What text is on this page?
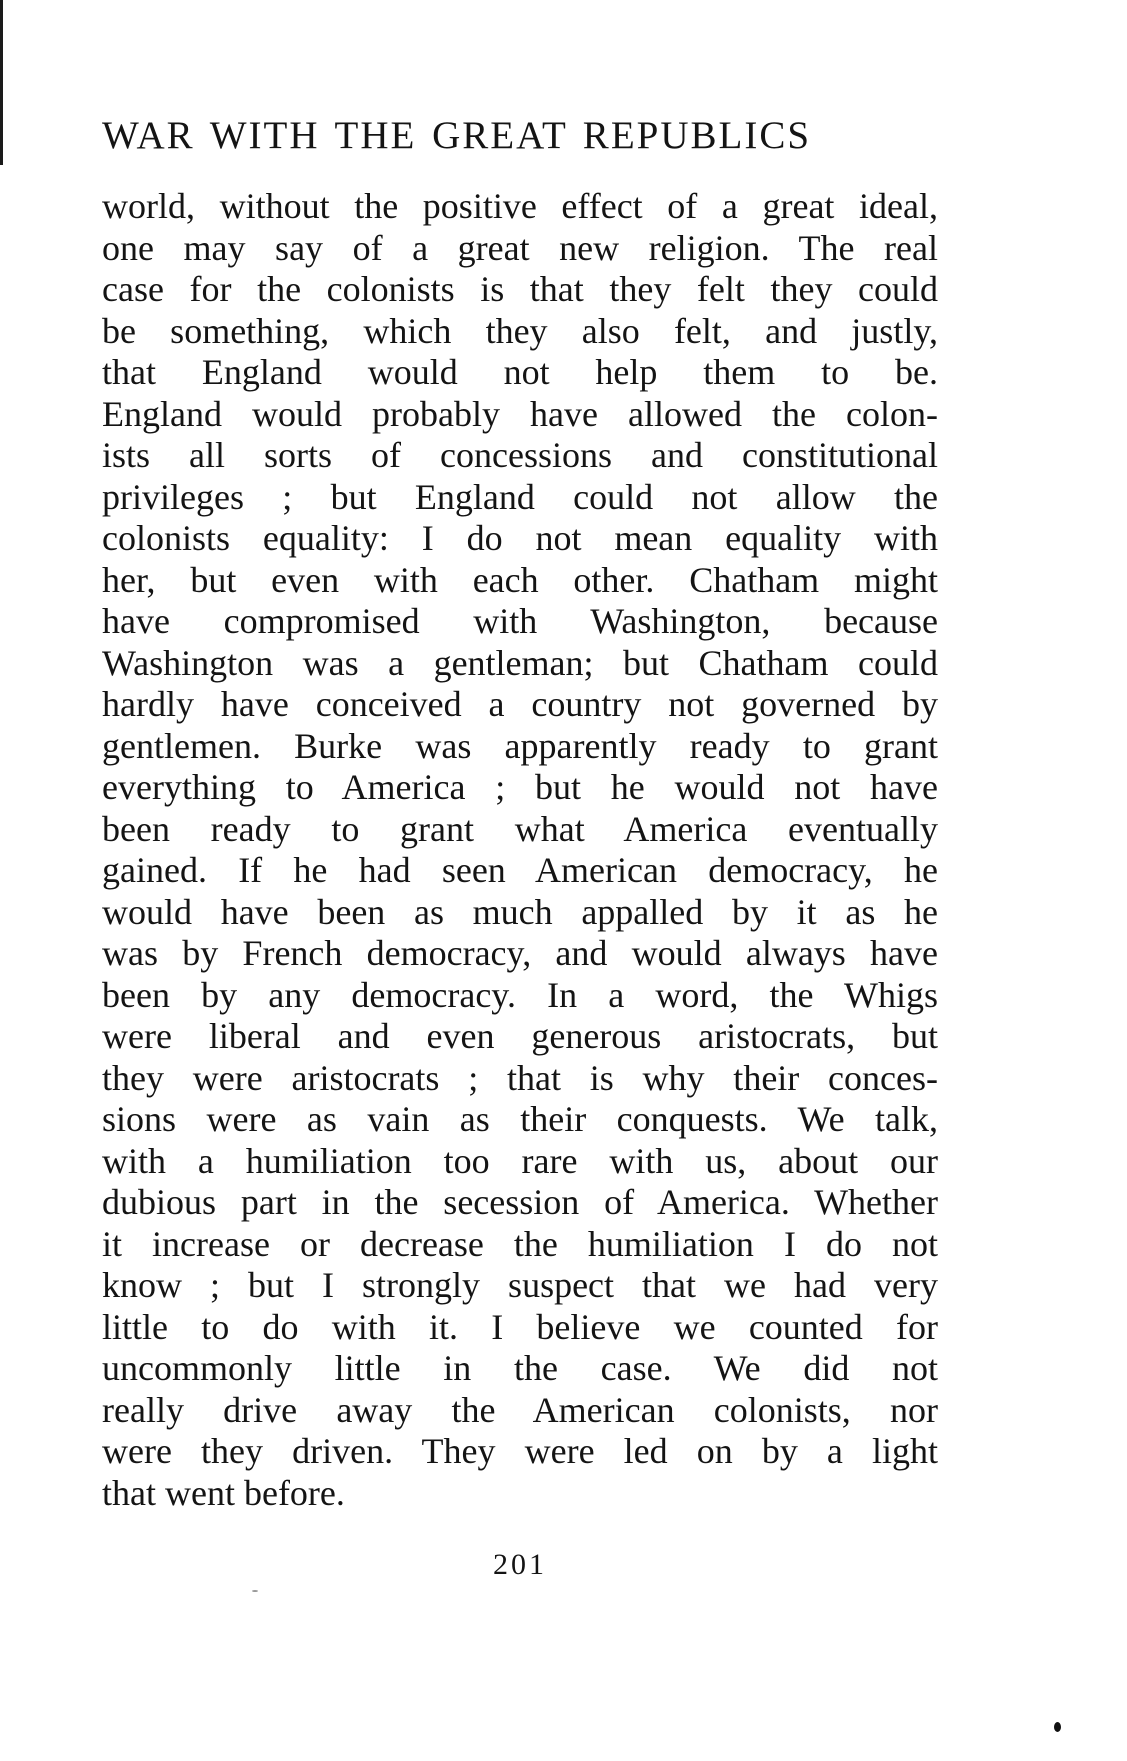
WAR WITH THE GREAT REPUBLICS
world, without the positive effect of a great ideal,
one may say of a great new religion. The real
case for the colonists is that they felt they could
be something, which they also felt, and justly,
that England would not help them to be.
England would probably have allowed the colon-
ists all sorts of concessions and constitutional
privileges ; but England could not allow the
colonists equality: I do not mean equality with
her, but even with each other. Chatham might
have compromised with Washington, because
Washington was a gentleman; but Chatham could
hardly have conceived a country not governed by
gentlemen. Burke was apparently ready to grant
everything to America ; but he would not have
been ready to grant what America eventually
gained. If he had seen American democracy, he
would have been as much appalled by it as he
was by French democracy, and would always have
been by any democracy. In a word, the Whigs
were liberal and even generous aristocrats, but
they were aristocrats ; that is why their conces-
sions were as vain as their conquests. We talk,
with a humiliation too rare with us, about our
dubious part in the secession of America. Whether
it increase or decrease the humiliation I do not
know ; but I strongly suspect that we had very
little to do with it. I believe we counted for
uncommonly little in the case. We did not
really drive away the American colonists, nor
were they driven. They were led on by a light
that went before.
201
